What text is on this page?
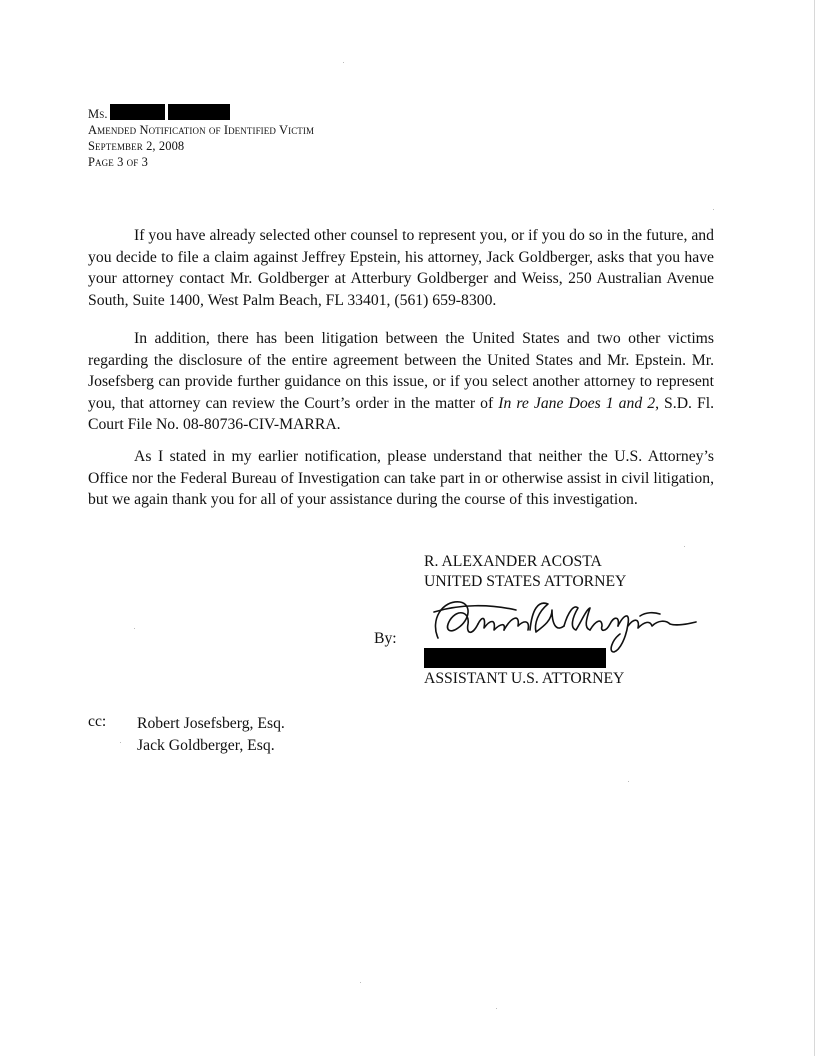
Ms.
Amended Notification of Identified Victim
September 2, 2008
Page 3 of 3

If you have already selected other counsel to represent you, or if you do so in the future, and you decide to file a claim against Jeffrey Epstein, his attorney, Jack Goldberger, asks that you have your attorney contact Mr. Goldberger at Atterbury Goldberger and Weiss, 250 Australian Avenue South, Suite 1400, West Palm Beach, FL 33401, (561) 659-8300.

In addition, there has been litigation between the United States and two other victims regarding the disclosure of the entire agreement between the United States and Mr. Epstein. Mr. Josefsberg can provide further guidance on this issue, or if you select another attorney to represent you, that attorney can review the Court’s order in the matter of In re Jane Does 1 and 2, S.D. Fl. Court File No. 08-80736-CIV-MARRA.

As I stated in my earlier notification, please understand that neither the U.S. Attorney’s Office nor the Federal Bureau of Investigation can take part in or otherwise assist in civil litigation, but we again thank you for all of your assistance during the course of this investigation.

R. ALEXANDER ACOSTA
UNITED STATES ATTORNEY
By:
ASSISTANT U.S. ATTORNEY
cc: Robert Josefsberg, Esq.
Jack Goldberger, Esq.
